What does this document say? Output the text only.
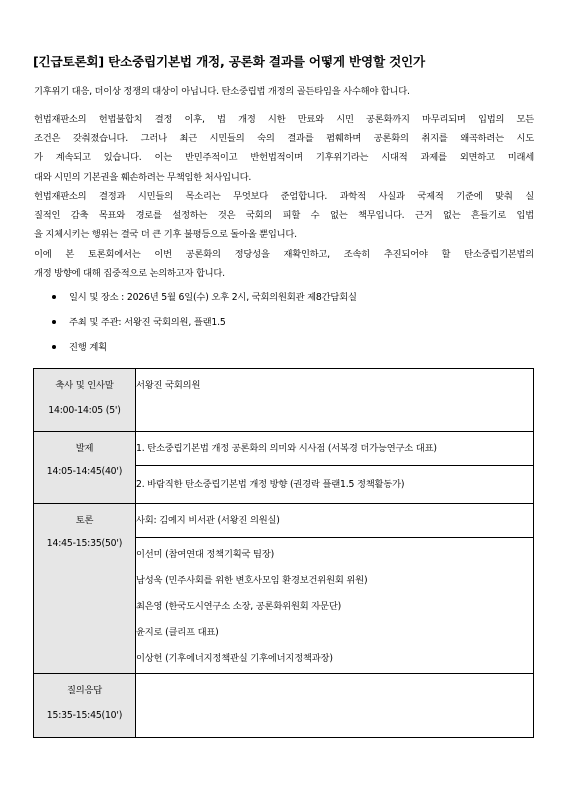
[긴급토론회] 탄소중립기본법 개정, 공론화 결과를 어떻게 반영할 것인가
기후위기 대응, 더이상 정쟁의 대상이 아닙니다. 탄소중립법 개정의 골든타임을 사수해야 합니다.
헌법재판소의 헌법불합치 결정 이후, 법 개정 시한 만료와 시민 공론화까지 마무리되며 입법의 모든
조건은 갖춰졌습니다. 그러나 최근 시민들의 숙의 결과를 폄훼하며 공론화의 취지를 왜곡하려는 시도
가 계속되고 있습니다. 이는 반민주적이고 반헌법적이며 기후위기라는 시대적 과제를 외면하고 미래세
대와 시민의 기본권을 훼손하려는 무책임한 처사입니다.
헌법재판소의 결정과 시민들의 목소리는 무엇보다 준엄합니다. 과학적 사실과 국제적 기준에 맞춰 실
질적인 감축 목표와 경로를 설정하는 것은 국회의 피할 수 없는 책무입니다. 근거 없는 흔들기로 입법
을 지체시키는 행위는 결국 더 큰 기후 불평등으로 돌아올 뿐입니다.
이에 본 토론회에서는 이번 공론화의 정당성을 재확인하고, 조속히 추진되어야 할 탄소중립기본법의
개정 방향에 대해 집중적으로 논의하고자 합니다.
일시 및 장소 : 2026년 5월 6일(수) 오후 2시, 국회의원회관 제8간담회실
주최 및 주관: 서왕진 국회의원, 플랜1.5
진행 계획
축사 및 인사말
14:00-14:05 (5')	서왕진 국회의원

발제
14:05-14:45(40')	1. 탄소중립기본법 개정 공론화의 의미와 시사점 (서복경 더가능연구소 대표)

	2. 바람직한 탄소중립기본법 개정 방향 (권경락 플랜1.5 정책활동가)

토론
14:45-15:35(50')	사회: 김예지 비서관 (서왕진 의원실)

	이선미 (참여연대 정책기획국 팀장)
남성욱 (민주사회를 위한 변호사모임 환경보건위원회 위원)
최은영 (한국도시연구소 소장, 공론화위원회 자문단)
윤지로 (클리프 대표)
이상헌 (기후에너지정책관실 기후에너지정책과장)

질의응답
15:35-15:45(10')	
